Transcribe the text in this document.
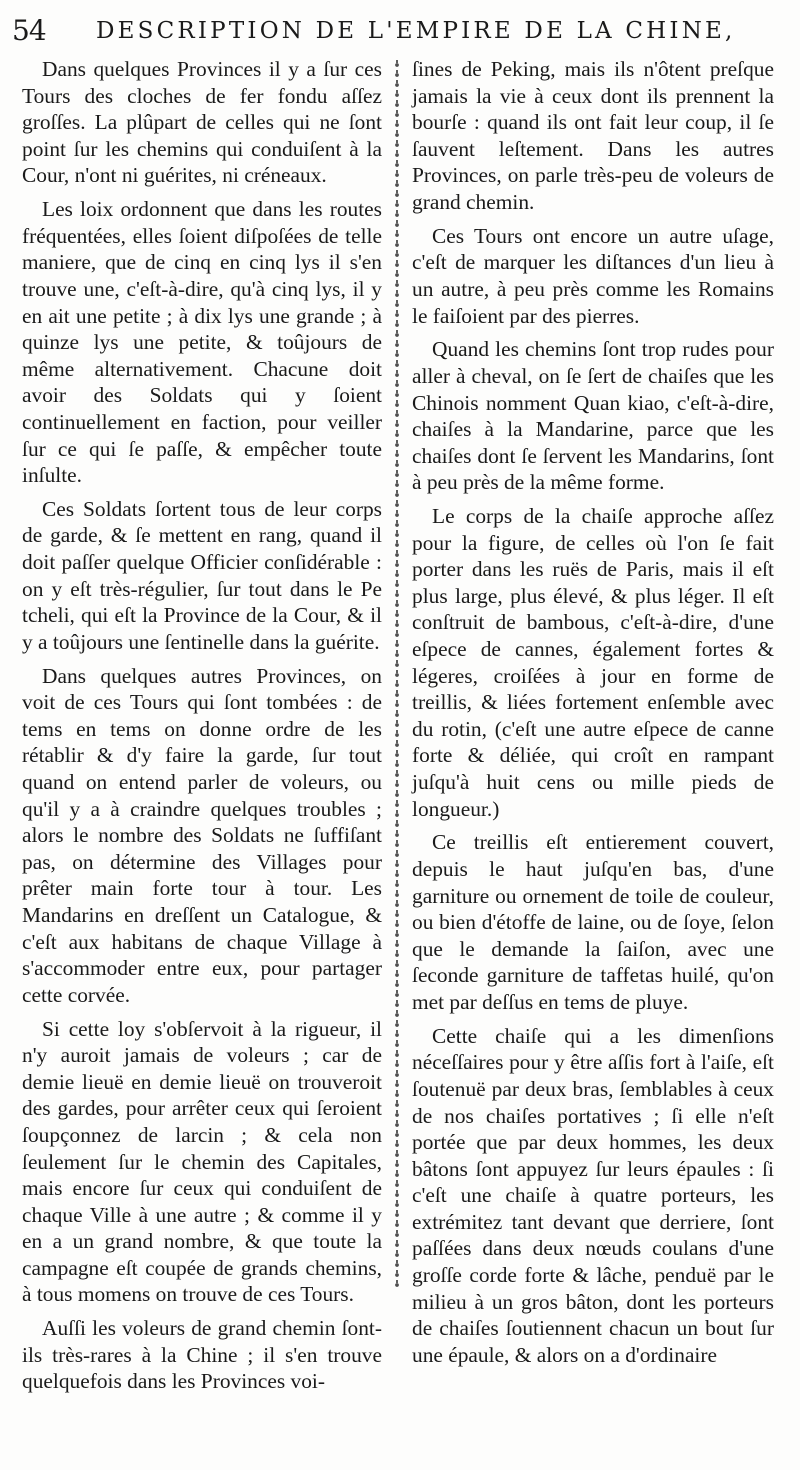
54 DESCRIPTION DE L'EMPIRE DE LA CHINE,

Dans quelques Provinces il y a ſur ces Tours des cloches de fer fondu aſſez groſſes. La plûpart de celles qui ne ſont point ſur les chemins qui conduiſent à la Cour, n'ont ni guérites, ni créneaux.

Les loix ordonnent que dans les routes fréquentées, elles ſoient diſpoſées de telle maniere, que de cinq en cinq lys il s'en trouve une, c'eſt-à-dire, qu'à cinq lys, il y en ait une petite ; à dix lys une grande ; à quinze lys une petite, & toûjours de même alternativement. Chacune doit avoir des Soldats qui y ſoient continuellement en faction, pour veiller ſur ce qui ſe paſſe, & empêcher toute inſulte.

Ces Soldats ſortent tous de leur corps de garde, & ſe mettent en rang, quand il doit paſſer quelque Officier conſidérable : on y eſt très-régulier, ſur tout dans le Pe tcheli, qui eſt la Province de la Cour, & il y a toûjours une ſentinelle dans la guérite.

Dans quelques autres Provinces, on voit de ces Tours qui ſont tombées : de tems en tems on donne ordre de les rétablir & d'y faire la garde, ſur tout quand on entend parler de voleurs, ou qu'il y a à craindre quelques troubles ; alors le nombre des Soldats ne ſuffiſant pas, on détermine des Villages pour prêter main forte tour à tour. Les Mandarins en dreſſent un Catalogue, & c'eſt aux habitans de chaque Village à s'accommoder entre eux, pour partager cette corvée.

Si cette loy s'obſervoit à la rigueur, il n'y auroit jamais de voleurs ; car de demie lieuë en demie lieuë on trouveroit des gardes, pour arrêter ceux qui ſeroient ſoupçonnez de larcin ; & cela non ſeulement ſur le chemin des Capitales, mais encore ſur ceux qui conduiſent de chaque Ville à une autre ; & comme il y en a un grand nombre, & que toute la campagne eſt coupée de grands chemins, à tous momens on trouve de ces Tours.

Auſſi les voleurs de grand chemin ſont-ils très-rares à la Chine ; il s'en trouve quelquefois dans les Provinces voi-

ſines de Peking, mais ils n'ôtent preſque jamais la vie à ceux dont ils prennent la bourſe : quand ils ont fait leur coup, il ſe ſauvent leſtement. Dans les autres Provinces, on parle très-peu de voleurs de grand chemin.

Ces Tours ont encore un autre uſage, c'eſt de marquer les diſtances d'un lieu à un autre, à peu près comme les Romains le faiſoient par des pierres.

Quand les chemins ſont trop rudes pour aller à cheval, on ſe ſert de chaiſes que les Chinois nomment Quan kiao, c'eſt-à-dire, chaiſes à la Mandarine, parce que les chaiſes dont ſe ſervent les Mandarins, ſont à peu près de la même forme.

Le corps de la chaiſe approche aſſez pour la figure, de celles où l'on ſe fait porter dans les ruës de Paris, mais il eſt plus large, plus élevé, & plus léger. Il eſt conſtruit de bambous, c'eſt-à-dire, d'une eſpece de cannes, également fortes & légeres, croiſées à jour en forme de treillis, & liées fortement enſemble avec du rotin, (c'eſt une autre eſpece de canne forte & déliée, qui croît en rampant juſqu'à huit cens ou mille pieds de longueur.)

Ce treillis eſt entierement couvert, depuis le haut juſqu'en bas, d'une garniture ou ornement de toile de couleur, ou bien d'étoffe de laine, ou de ſoye, ſelon que le demande la ſaiſon, avec une ſeconde garniture de taffetas huilé, qu'on met par deſſus en tems de pluye.

Cette chaiſe qui a les dimenſions néceſſaires pour y être aſſis fort à l'aiſe, eſt ſoutenuë par deux bras, ſemblables à ceux de nos chaiſes portatives ; ſi elle n'eſt portée que par deux hommes, les deux bâtons ſont appuyez ſur leurs épaules : ſi c'eſt une chaiſe à quatre porteurs, les extrémitez tant devant que derriere, ſont paſſées dans deux nœuds coulans d'une groſſe corde forte & lâche, penduë par le milieu à un gros bâton, dont les porteurs de chaiſes ſoutiennent chacun un bout ſur une épaule, & alors on a d'ordinaire
